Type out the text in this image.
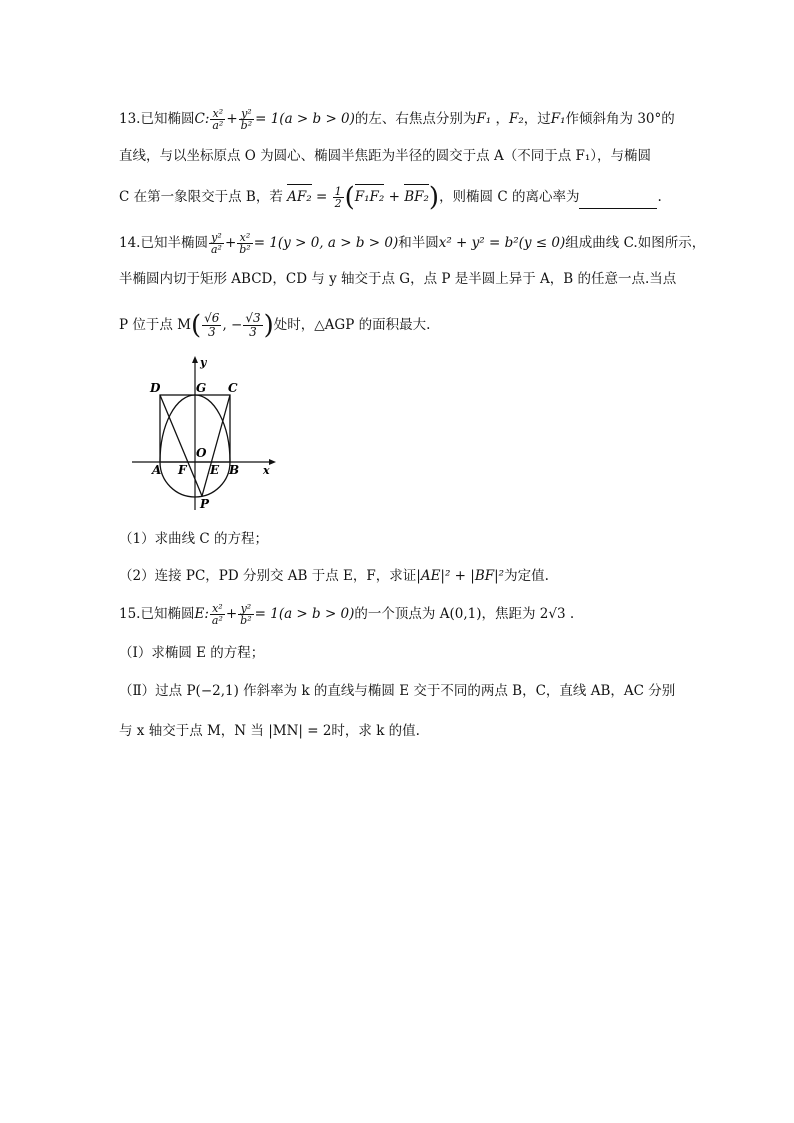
13.已知椭圆C: $\frac{\text{x²}}{\text{a²}} + \frac{\text{y²}}{\text{b²}} = 1(a > b > 0)$的左、右焦点分别为F₁ ，F₂，过F₁作倾斜角为 30°的
直线，与以坐标原点 O 为圆心、椭圆半焦距为半径的圆交于点 A（不同于点 F₁），与椭圆
C 在第一象限交于点 B，若 $AF_2 = \frac{1}{2} (F_1F_2 + BF_2)$，则椭圆 C 的离心率为	.
14.已知半椭圆 $\frac{\text{y²}}{\text{a²}} + \frac{\text{x²}}{\text{b²}} = 1(y > 0$, a > b > 0)和半圆x² + y² = b²(y ≤ 0)组成曲线 C.如图所示，
半椭圆内切于矩形 ABCD，CD 与 y 轴交于点 G，点 P 是半圆上异于 A，B 的任意一点.当点
P 位于点 $M( \frac{√6}{3}$ , − $\frac{√3}{3}$ )处时，△AGP 的面积最大.
D	G C
y
O
A F E B x
P
（1）求曲线 C 的方程；
（2）连接 PC，PD 分别交 AB 于点 E，F，求证|AE|² + |BF|²为定值.
15.已知椭圆E: $\frac{\text{x²}}{\text{a²}} + \frac{\text{y²}}{\text{b²}} = 1(a > b > 0)$的一个顶点为 A(0,1)，焦距为 2√3 .
（Ⅰ）求椭圆 E 的方程；
（Ⅱ）过点 P(−2,1) 作斜率为 k 的直线与椭圆 E 交于不同的两点 B，C，直线 AB，AC 分别
与 x 轴交于点 M，N 当 |MN| = 2时，求 k 的值.
